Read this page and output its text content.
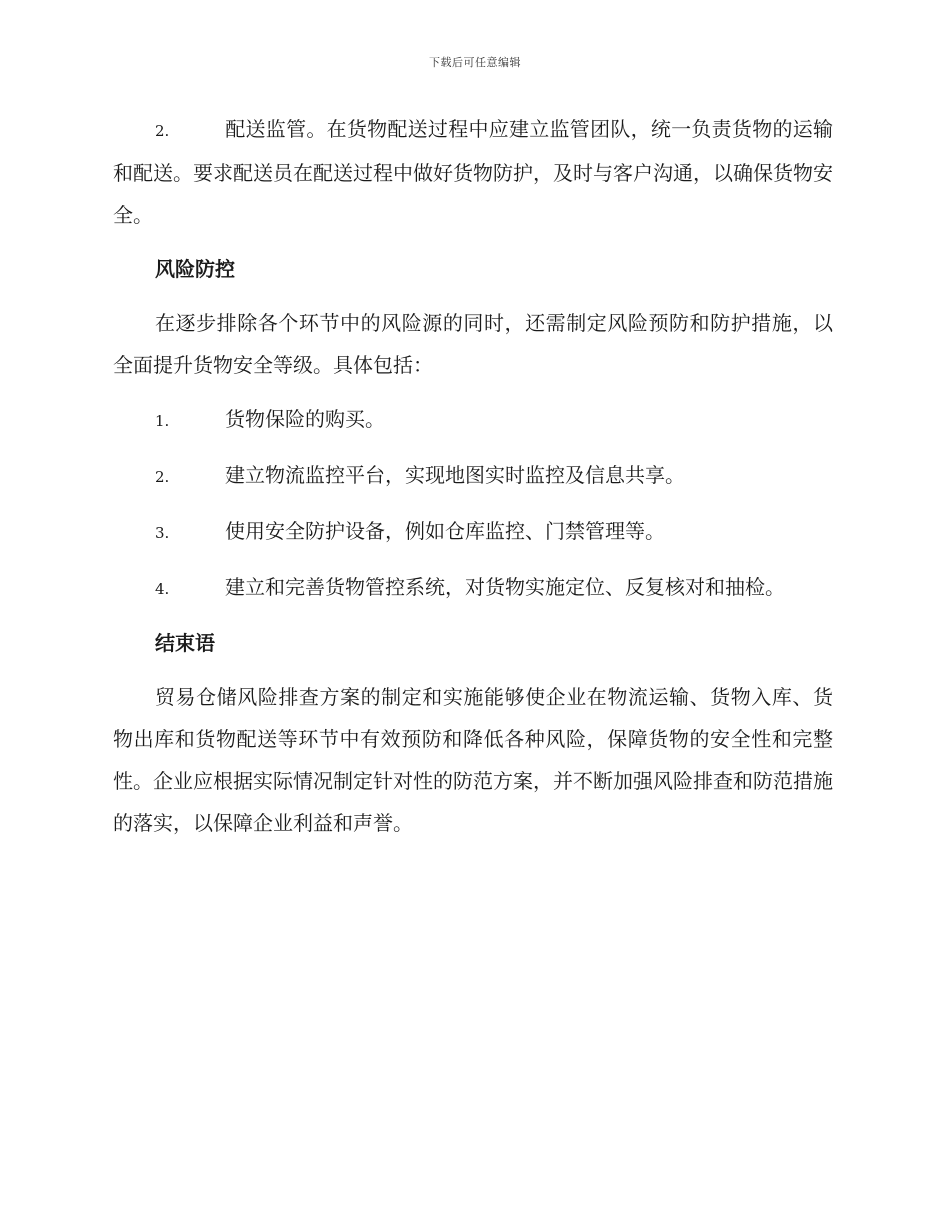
下载后可任意编辑

2.	配送监管。在货物配送过程中应建立监管团队，统一负责货物的运输和配送。要求配送员在配送过程中做好货物防护，及时与客户沟通，以确保货物安全。

风险防控

在逐步排除各个环节中的风险源的同时，还需制定风险预防和防护措施，以全面提升货物安全等级。具体包括：

1.	货物保险的购买。
2.	建立物流监控平台，实现地图实时监控及信息共享。
3.	使用安全防护设备，例如仓库监控、门禁管理等。
4.	建立和完善货物管控系统，对货物实施定位、反复核对和抽检。
结束语

贸易仓储风险排查方案的制定和实施能够使企业在物流运输、货物入库、货物出库和货物配送等环节中有效预防和降低各种风险，保障货物的安全性和完整性。企业应根据实际情况制定针对性的防范方案，并不断加强风险排查和防范措施的落实，以保障企业利益和声誉。
